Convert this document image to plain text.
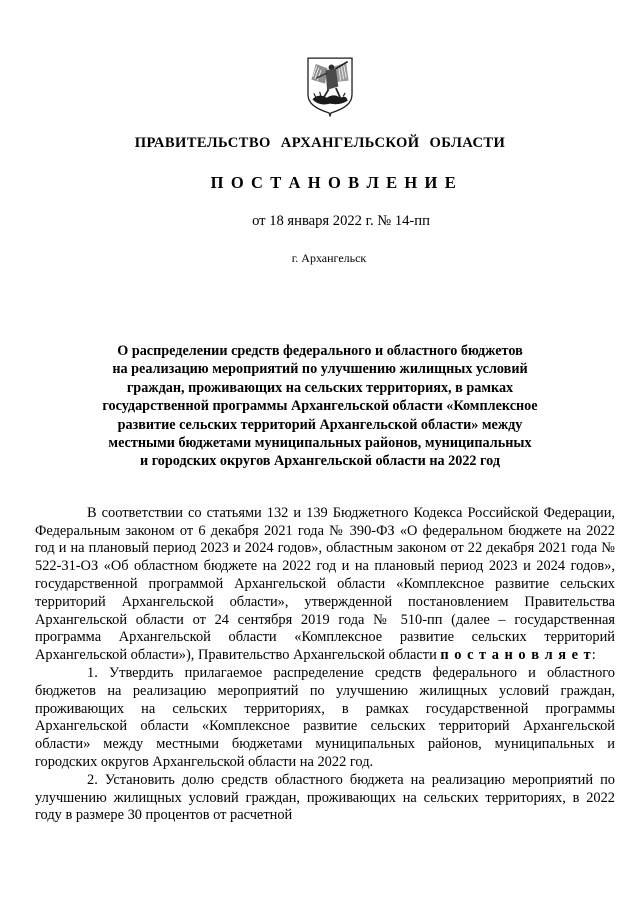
ПРАВИТЕЛЬСТВО АРХАНГЕЛЬСКОЙ ОБЛАСТИ
П О С Т А Н О В Л Е Н И Е
от 18 января 2022 г. № 14-пп
г. Архангельск
О распределении средств федерального и областного бюджетов
на реализацию мероприятий по улучшению жилищных условий
граждан, проживающих на сельских территориях, в рамках
государственной программы Архангельской области «Комплексное
развитие сельских территорий Архангельской области» между
местными бюджетами муниципальных районов, муниципальных
и городских округов Архангельской области на 2022 год

В соответствии со статьями 132 и 139 Бюджетного Кодекса Российской Федерации, Федеральным законом от 6 декабря 2021 года № 390-ФЗ «О федеральном бюджете на 2022 год и на плановый период 2023 и 2024 годов», областным законом от 22 декабря 2021 года № 522-31-ОЗ «Об областном бюджете на 2022 год и на плановый период 2023 и 2024 годов», государственной программой Архангельской области «Комплексное развитие сельских территорий Архангельской области», утвержденной постановлением Правительства Архангельской области от 24 сентября 2019 года № 510-пп (далее – государственная программа Архангельской области «Комплексное развитие сельских территорий Архангельской области»), Правительство Архангельской области п о с т а н о в л я е т:

1. Утвердить прилагаемое распределение средств федерального и областного бюджетов на реализацию мероприятий по улучшению жилищных условий граждан, проживающих на сельских территориях, в рамках государственной программы Архангельской области «Комплексное развитие сельских территорий Архангельской области» между местными бюджетами муниципальных районов, муниципальных и городских округов Архангельской области на 2022 год.

2. Установить долю средств областного бюджета на реализацию мероприятий по улучшению жилищных условий граждан, проживающих на сельских территориях, в 2022 году в размере 30 процентов от расчетной
